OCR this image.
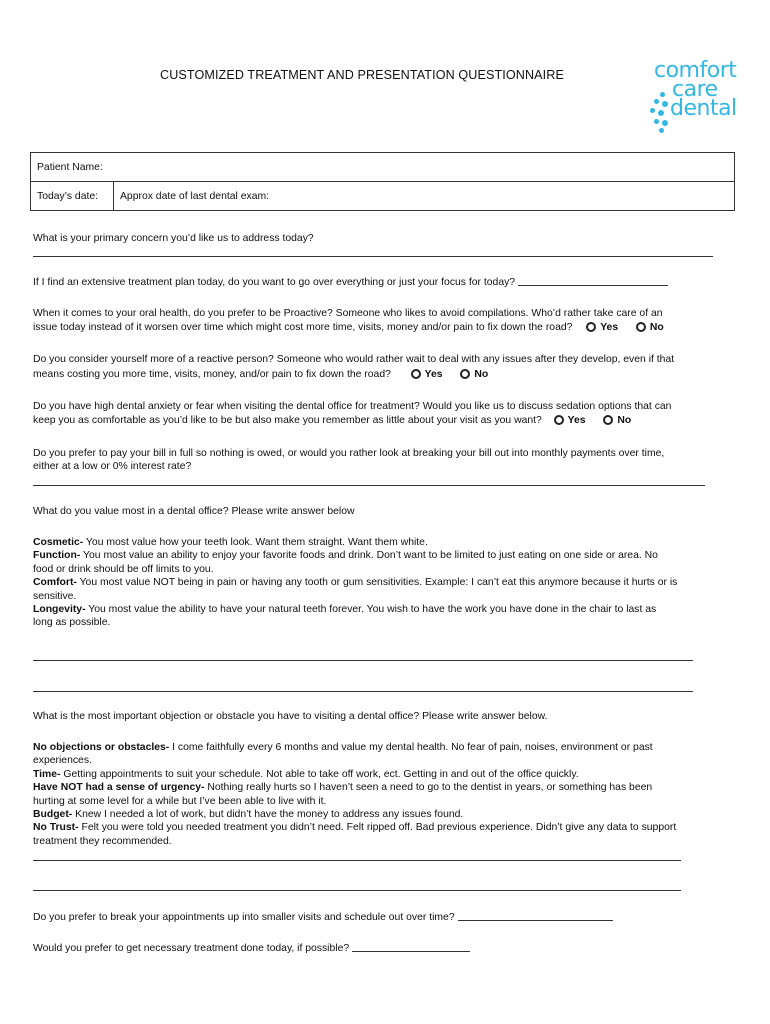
CUSTOMIZED TREATMENT AND PRESENTATION QUESTIONNAIRE	comfort
care
dental
Patient Name:
Today’s date:	Approx date of last dental exam:
What is your primary concern you’d like us to address today?
If I find an extensive treatment plan today, do you want to go over everything or just your focus for today?
When it comes to your oral health, do you prefer to be Proactive? Someone who likes to avoid compilations. Who’d rather take care of an
issue today instead of it worsen over time which might cost more time, visits, money and/or pain to fix down the road?	Yes	No
Do you consider yourself more of a reactive person? Someone who would rather wait to deal with any issues after they develop, even if that
means costing you more time, visits, money, and/or pain to fix down the road?	Yes	No
Do you have high dental anxiety or fear when visiting the dental office for treatment? Would you like us to discuss sedation options that can
keep you as comfortable as you’d like to be but also make you remember as little about your visit as you want? Yes	No
Do you prefer to pay your bill in full so nothing is owed, or would you rather look at breaking your bill out into monthly payments over time,
either at a low or 0% interest rate?
What do you value most in a dental office? Please write answer below
Cosmetic- You most value how your teeth look. Want them straight. Want them white.
Function- You most value an ability to enjoy your favorite foods and drink. Don’t want to be limited to just eating on one side or area. No
food or drink should be off limits to you.
Comfort- You most value NOT being in pain or having any tooth or gum sensitivities. Example: I can’t eat this anymore because it hurts or is
sensitive.
Longevity- You most value the ability to have your natural teeth forever. You wish to have the work you have done in the chair to last as
long as possible.
What is the most important objection or obstacle you have to visiting a dental office? Please write answer below.
No objections or obstacles- I come faithfully every 6 months and value my dental health. No fear of pain, noises, environment or past
experiences.
Time- Getting appointments to suit your schedule. Not able to take off work, ect. Getting in and out of the office quickly.
Have NOT had a sense of urgency- Nothing really hurts so I haven’t seen a need to go to the dentist in years, or something has been
hurting at some level for a while but I’ve been able to live with it.
Budget- Knew I needed a lot of work, but didn’t have the money to address any issues found.
No Trust- Felt you were told you needed treatment you didn’t need. Felt ripped off. Bad previous experience. Didn’t give any data to support
treatment they recommended.
Do you prefer to break your appointments up into smaller visits and schedule out over time?
Would you prefer to get necessary treatment done today, if possible?
